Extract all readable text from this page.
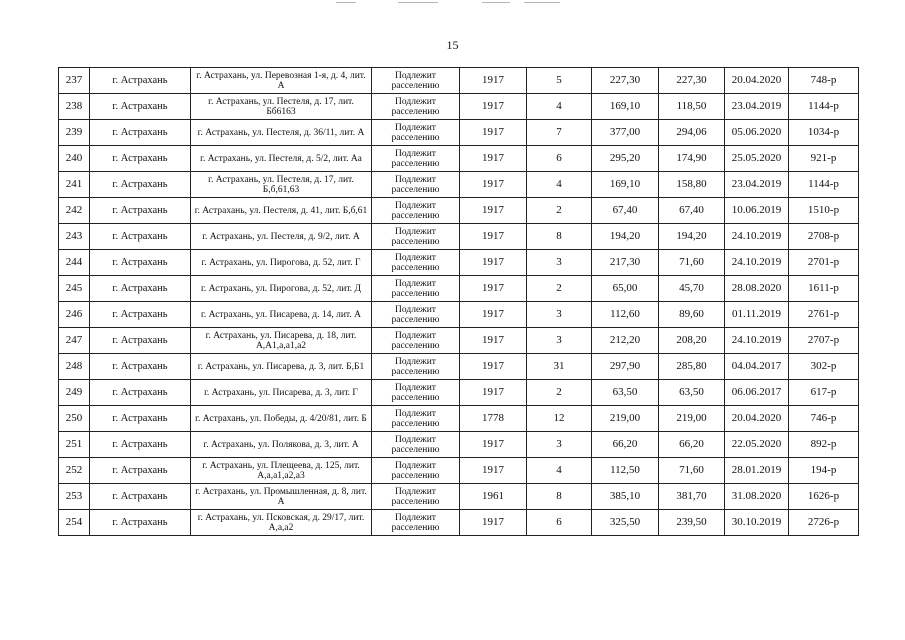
15
237	г. Астрахань	г. Астрахань, ул. Перевозная 1-я, д. 4, лит. А	Подлежит расселению	1917	5	227,30	227,30	20.04.2020	748-р
238	г. Астрахань	г. Астрахань, ул. Пестеля, д. 17, лит. Бб6163	Подлежит расселению	1917	4	169,10	118,50	23.04.2019	1144-р
239	г. Астрахань	г. Астрахань, ул. Пестеля, д. 36/11, лит. А	Подлежит расселению	1917	7	377,00	294,06	05.06.2020	1034-р
240	г. Астрахань	г. Астрахань, ул. Пестеля, д. 5/2, лит. Аа	Подлежит расселению	1917	6	295,20	174,90	25.05.2020	921-р
241	г. Астрахань	г. Астрахань, ул. Пестеля, д. 17, лит. Б,б,61,63	Подлежит расселению	1917	4	169,10	158,80	23.04.2019	1144-р
242	г. Астрахань	г. Астрахань, ул. Пестеля, д. 41, лит. Б,б,61	Подлежит расселению	1917	2	67,40	67,40	10.06.2019	1510-р
243	г. Астрахань	г. Астрахань, ул. Пестеля, д. 9/2, лит. А	Подлежит расселению	1917	8	194,20	194,20	24.10.2019	2708-р
244	г. Астрахань	г. Астрахань, ул. Пирогова, д. 52, лит. Г	Подлежит расселению	1917	3	217,30	71,60	24.10.2019	2701-р
245	г. Астрахань	г. Астрахань, ул. Пирогова, д. 52, лит. Д	Подлежит расселению	1917	2	65,00	45,70	28.08.2020	1611-р
246	г. Астрахань	г. Астрахань, ул. Писарева, д. 14, лит. А	Подлежит расселению	1917	3	112,60	89,60	01.11.2019	2761-р
247	г. Астрахань	г. Астрахань, ул. Писарева, д. 18, лит. А,А1,а,а1,а2	Подлежит расселению	1917	3	212,20	208,20	24.10.2019	2707-р
248	г. Астрахань	г. Астрахань, ул. Писарева, д. 3, лит. Б,Б1	Подлежит расселению	1917	31	297,90	285,80	04.04.2017	302-р
249	г. Астрахань	г. Астрахань, ул. Писарева, д. 3, лит. Г	Подлежит расселению	1917	2	63,50	63,50	06.06.2017	617-р
250	г. Астрахань	г. Астрахань, ул. Победы, д. 4/20/81, лит. Б	Подлежит расселению	1778	12	219,00	219,00	20.04.2020	746-р
251	г. Астрахань	г. Астрахань, ул. Полякова, д. 3, лит. А	Подлежит расселению	1917	3	66,20	66,20	22.05.2020	892-р
252	г. Астрахань	г. Астрахань, ул. Плещеева, д. 125, лит. А,а,а1,а2,а3	Подлежит расселению	1917	4	112,50	71,60	28.01.2019	194-р
253	г. Астрахань	г. Астрахань, ул. Промышленная, д. 8, лит. А	Подлежит расселению	1961	8	385,10	381,70	31.08.2020	1626-р
254	г. Астрахань	г. Астрахань, ул. Псковская, д. 29/17, лит. А,а,а2	Подлежит расселению	1917	6	325,50	239,50	30.10.2019	2726-р
